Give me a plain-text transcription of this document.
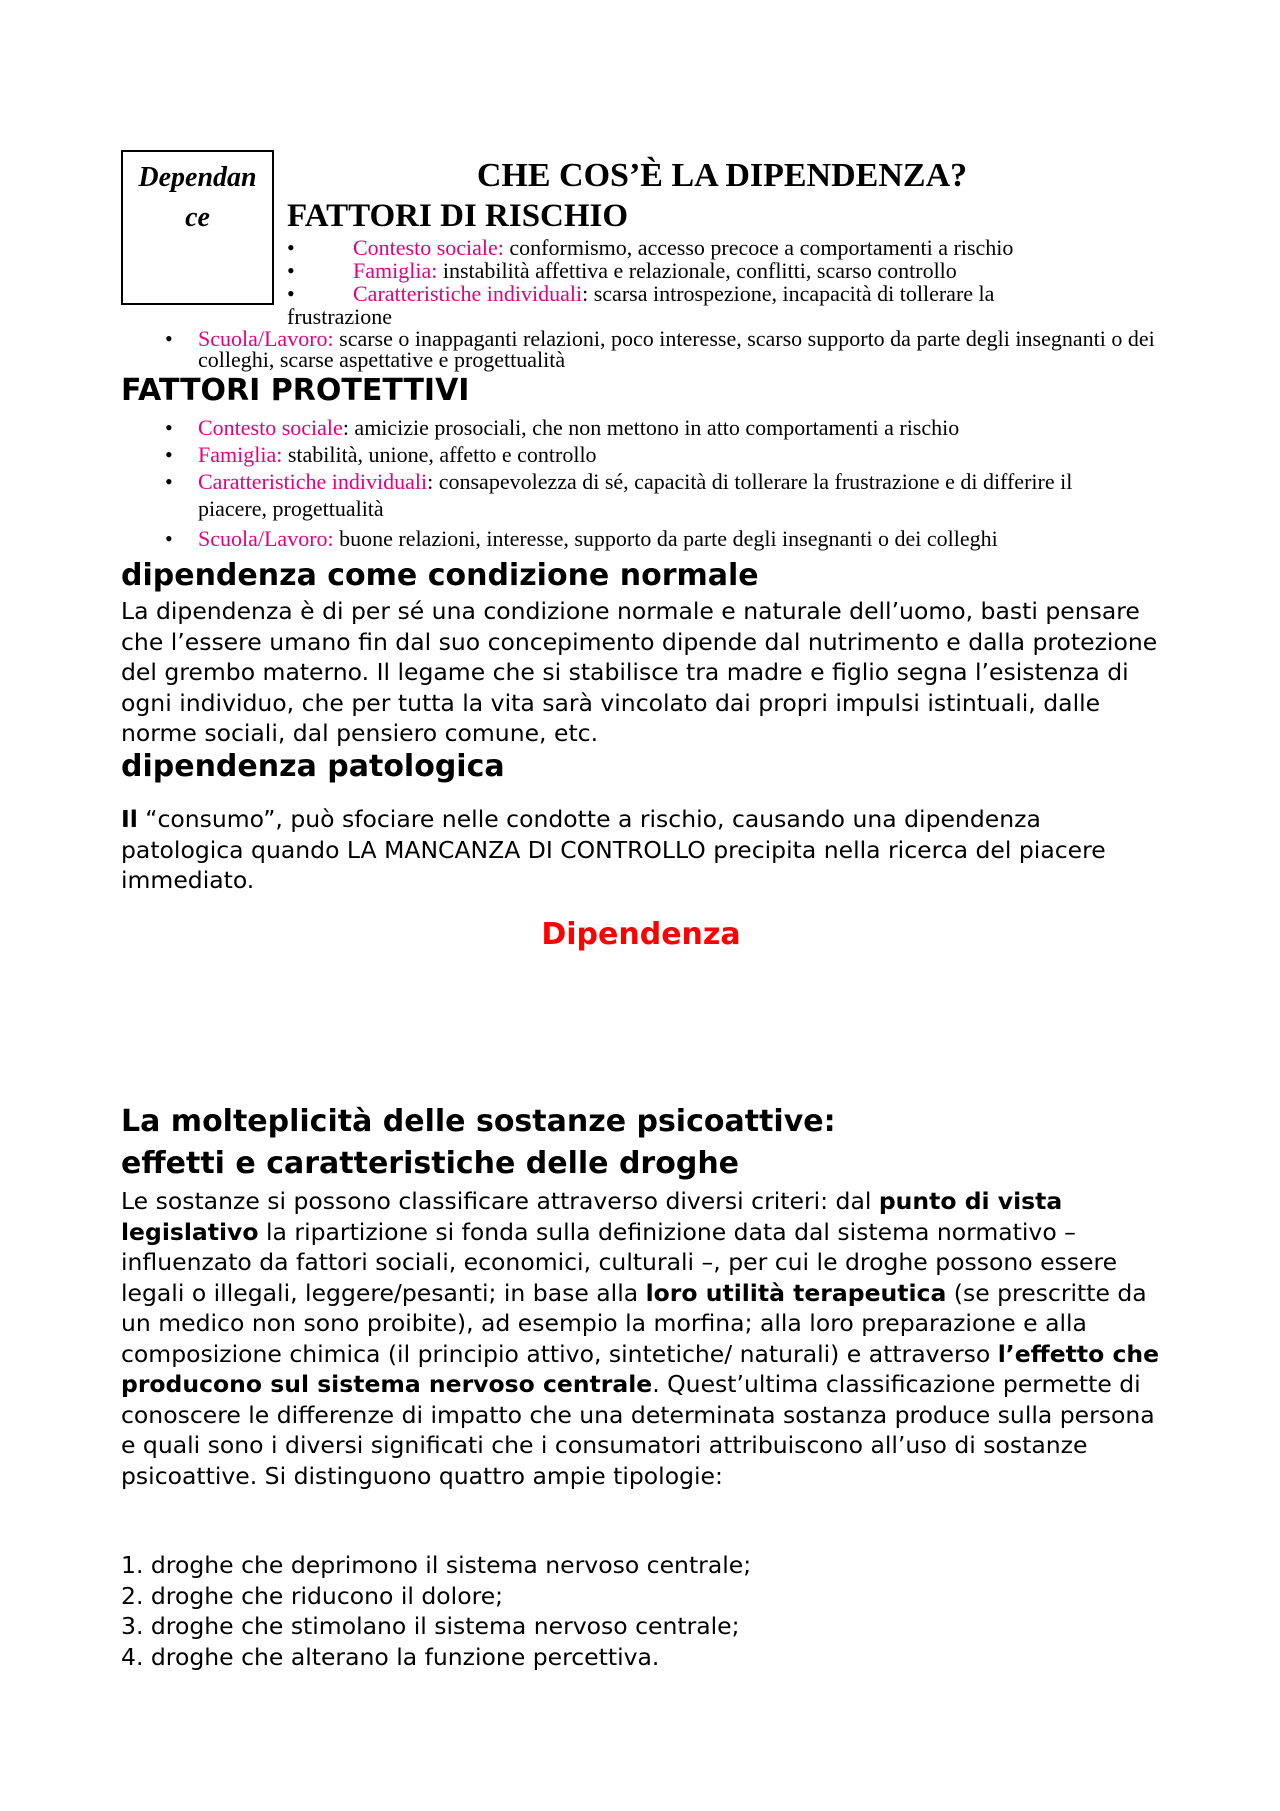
Dependan
ce
CHE COS’È LA DIPENDENZA?
FATTORI DI RISCHIO
•	Contesto sociale: conformismo, accesso precoce a comportamenti a rischio
•	Famiglia: instabilità affettiva e relazionale, conflitti, scarso controllo
•	Caratteristiche individuali: scarsa introspezione, incapacità di tollerare la
frustrazione
• Scuola/Lavoro: scarse o inappaganti relazioni, poco interesse, scarso supporto da parte degli insegnanti o dei colleghi, scarse aspettative e progettualità
FATTORI PROTETTIVI
• Contesto sociale: amicizie prosociali, che non mettono in atto comportamenti a rischio
• Famiglia: stabilità, unione, affetto e controllo
• Caratteristiche individuali: consapevolezza di sé, capacità di tollerare la frustrazione e di differire il piacere, progettualità
• Scuola/Lavoro: buone relazioni, interesse, supporto da parte degli insegnanti o dei colleghi
dipendenza come condizione normale

La dipendenza è di per sé una condizione normale e naturale dell’uomo, basti pensare che l’essere umano fin dal suo concepimento dipende dal nutrimento e dalla protezione del grembo materno. Il legame che si stabilisce tra madre e figlio segna l’esistenza di ogni individuo, che per tutta la vita sarà vincolato dai propri impulsi istintuali, dalle norme sociali, dal pensiero comune, etc.

dipendenza patologica

Il “consumo”, può sfociare nelle condotte a rischio, causando una dipendenza patologica quando LA MANCANZA DI CONTROLLO precipita nella ricerca del piacere immediato.

Dipendenza
La molteplicità delle sostanze psicoattive:
effetti e caratteristiche delle droghe

Le sostanze si possono classificare attraverso diversi criteri: dal punto di vista legislativo la ripartizione si fonda sulla definizione data dal sistema normativo – influenzato da fattori sociali, economici, culturali –, per cui le droghe possono essere legali o illegali, leggere/pesanti; in base alla loro utilità terapeutica (se prescritte da un medico non sono proibite), ad esempio la morfina; alla loro preparazione e alla composizione chimica (il principio attivo, sintetiche/ naturali) e attraverso l’effetto che producono sul sistema nervoso centrale. Quest’ultima classificazione permette di conoscere le differenze di impatto che una determinata sostanza produce sulla persona e quali sono i diversi significati che i consumatori attribuiscono all’uso di sostanze psicoattive. Si distinguono quattro ampie tipologie:

1. droghe che deprimono il sistema nervoso centrale;
2. droghe che riducono il dolore;
3. droghe che stimolano il sistema nervoso centrale;
4. droghe che alterano la funzione percettiva.
